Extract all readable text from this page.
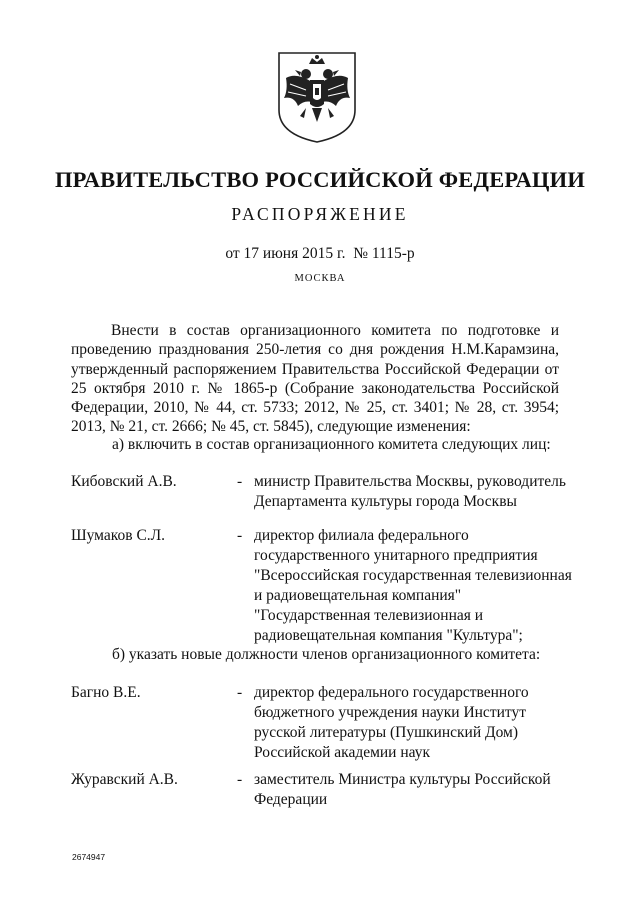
ПРАВИТЕЛЬСТВО РОССИЙСКОЙ ФЕДЕРАЦИИ
РАСПОРЯЖЕНИЕ
от 17 июня 2015 г.  № 1115-р
МОСКВА

Внести в состав организационного комитета по подготовке и проведению празднования 250-летия со дня рождения Н.М.Карамзина, утвержденный распоряжением Правительства Российской Федерации от 25 октября 2010 г. № 1865-р (Собрание законодательства Российской Федерации, 2010, № 44, ст. 5733; 2012, № 25, ст. 3401; № 28, ст. 3954; 2013, № 21, ст. 2666; № 45, ст. 5845), следующие изменения:

а) включить в состав организационного комитета следующих лиц:
Кибовский А.В.	- министр Правительства Москвы, руководитель Департамента культуры города Москвы
Шумаков С.Л.	- директор филиала федерального государственного унитарного предприятия "Всероссийская государственная телевизионная и радиовещательная компания" "Государственная телевизионная и радиовещательная компания "Культура";
б) указать новые должности членов организационного комитета:
Багно В.Е.	- директор федерального государственного бюджетного учреждения науки Институт русской литературы (Пушкинский Дом) Российской академии наук
Журавский А.В.	- заместитель Министра культуры Российской Федерации
2674947
